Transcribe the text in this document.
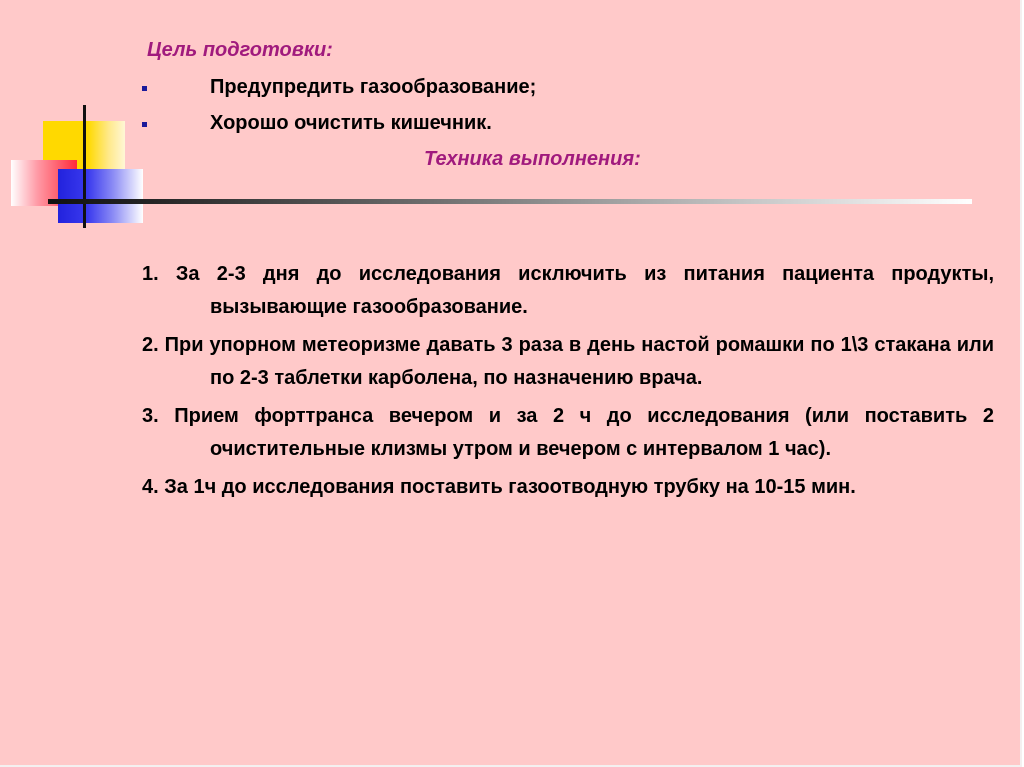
Цель подготовки:
Предупредить газообразование;
Хорошо очистить кишечник.
Техника выполнения:
1. За 2-3 дня до исследования исключить из питания пациента продукты, вызывающие газообразование.
2. При упорном метеоризме давать 3 раза в день настой ромашки по 1\3 стакана или по 2-3 таблетки карболена, по назначению врача.
3. Прием форттранса вечером и за 2 ч до исследования (или поставить 2 очистительные клизмы утром и вечером с интервалом 1 час).
4. За 1ч до исследования поставить газоотводную трубку на 10-15 мин.
